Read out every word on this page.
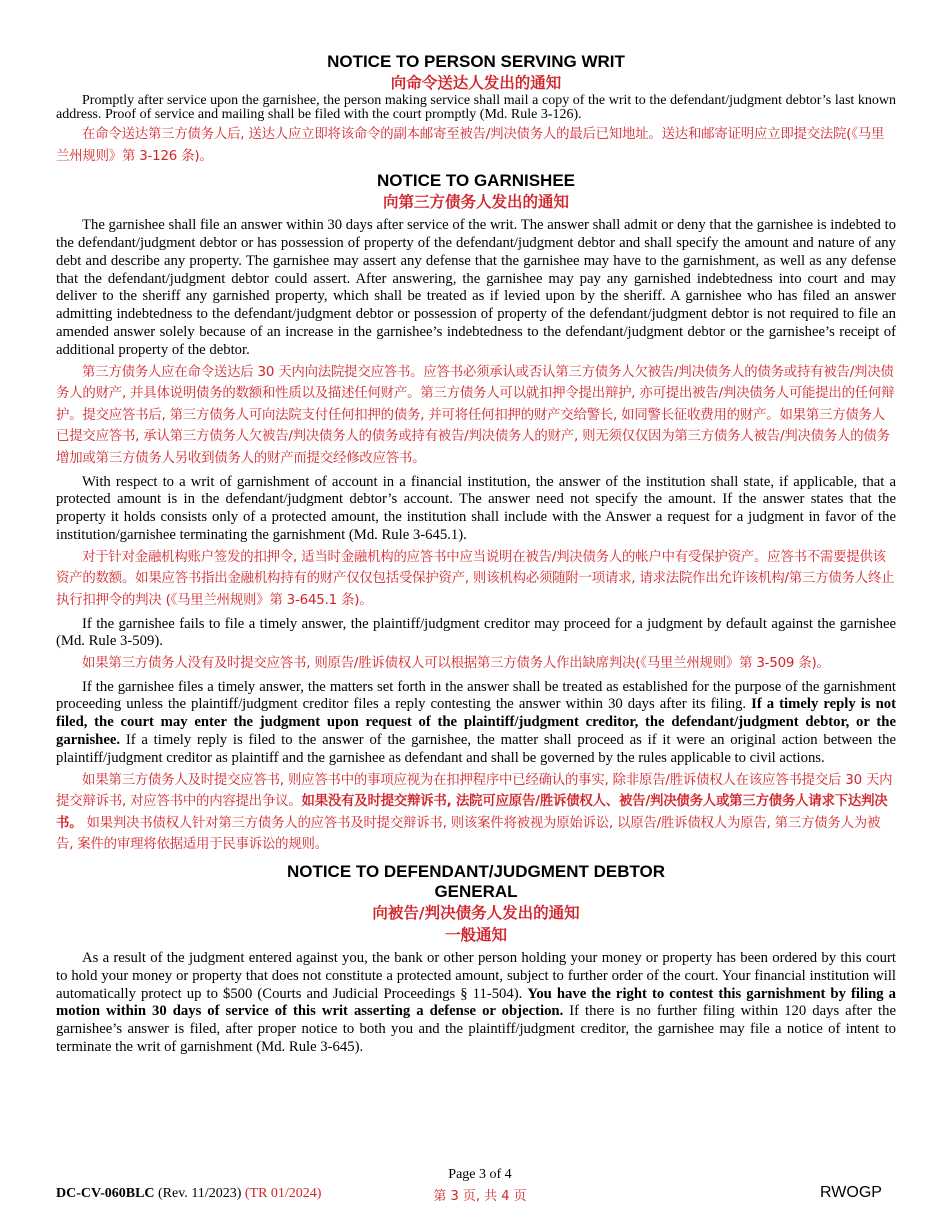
NOTICE TO PERSON SERVING WRIT
向命令送达人发出的通知

Promptly after service upon the garnishee, the person making service shall mail a copy of the writ to the defendant/judgment debtor’s last known address. Proof of service and mailing shall be filed with the court promptly (Md. Rule 3-126).

在命令送达第三方债务人后, 送达人应立即将该命令的副本邮寄至被告/判决债务人的最后已知地址。送达和邮寄证明应立即提交法院(《马里兰州规则》第 3-126 条)。

NOTICE TO GARNISHEE
向第三方债务人发出的通知

The garnishee shall file an answer within 30 days after service of the writ. The answer shall admit or deny that the garnishee is indebted to the defendant/judgment debtor or has possession of property of the defendant/judgment debtor and shall specify the amount and nature of any debt and describe any property. The garnishee may assert any defense that the garnishee may have to the garnishment, as well as any defense that the defendant/judgment debtor could assert. After answering, the garnishee may pay any garnished indebtedness into court and may deliver to the sheriff any garnished property, which shall be treated as if levied upon by the sheriff. A garnishee who has filed an answer admitting indebtedness to the defendant/judgment debtor or possession of property of the defendant/judgment debtor is not required to file an amended answer solely because of an increase in the garnishee’s indebtedness to the defendant/judgment debtor or the garnishee’s receipt of additional property of the debtor.

第三方债务人应在命令送达后 30 天内向法院提交应答书。应答书必须承认或否认第三方债务人欠被告/判决债务人的债务或持有被告/判决债务人的财产, 并具体说明债务的数额和性质以及描述任何财产。第三方债务人可以就扣押令提出辩护, 亦可提出被告/判决债务人可能提出的任何辩护。提交应答书后, 第三方债务人可向法院支付任何扣押的债务, 并可将任何扣押的财产交给警长, 如同警长征收费用的财产。如果第三方债务人已提交应答书, 承认第三方债务人欠被告/判决债务人的债务或持有被告/判决债务人的财产, 则无须仅仅因为第三方债务人被告/判决债务人的债务增加或第三方债务人另收到债务人的财产而提交经修改应答书。

With respect to a writ of garnishment of account in a financial institution, the answer of the institution shall state, if applicable, that a protected amount is in the defendant/judgment debtor’s account. The answer need not specify the amount. If the answer states that the property it holds consists only of a protected amount, the institution shall include with the Answer a request for a judgment in favor of the institution/garnishee terminating the garnishment (Md. Rule 3-645.1).

对于针对金融机构账户签发的扣押令, 适当时金融机构的应答书中应当说明在被告/判决债务人的帐户中有受保护资产。应答书不需要提供该资产的数额。如果应答书指出金融机构持有的财产仅仅包括受保护资产, 则该机构必须随附一项请求, 请求法院作出允许该机构/第三方债务人终止执行扣押令的判决 (《马里兰州规则》第 3-645.1 条)。

If the garnishee fails to file a timely answer, the plaintiff/judgment creditor may proceed for a judgment by default against the garnishee (Md. Rule 3-509).

如果第三方债务人没有及时提交应答书, 则原告/胜诉债权人可以根据第三方债务人作出缺席判决(《马里兰州规则》第 3-509 条)。

If the garnishee files a timely answer, the matters set forth in the answer shall be treated as established for the purpose of the garnishment proceeding unless the plaintiff/judgment creditor files a reply contesting the answer within 30 days after its filing. If a timely reply is not filed, the court may enter the judgment upon request of the plaintiff/judgment creditor, the defendant/judgment debtor, or the garnishee. If a timely reply is filed to the answer of the garnishee, the matter shall proceed as if it were an original action between the plaintiff/judgment creditor as plaintiff and the garnishee as defendant and shall be governed by the rules applicable to civil actions.

如果第三方债务人及时提交应答书, 则应答书中的事项应视为在扣押程序中已经确认的事实, 除非原告/胜诉债权人在该应答书提交后 30 天内提交辩诉书, 对应答书中的内容提出争议。如果没有及时提交辩诉书, 法院可应原告/胜诉债权人、被告/判决债务人或第三方债务人请求下达判决书。 如果判决书债权人针对第三方债务人的应答书及时提交辩诉书, 则该案件将被视为原始诉讼, 以原告/胜诉债权人为原告, 第三方债务人为被告, 案件的审理将依据适用于民事诉讼的规则。

NOTICE TO DEFENDANT/JUDGMENT DEBTOR
GENERAL
向被告/判决债务人发出的通知
一般通知

As a result of the judgment entered against you, the bank or other person holding your money or property has been ordered by this court to hold your money or property that does not constitute a protected amount, subject to further order of the court. Your financial institution will automatically protect up to $500 (Courts and Judicial Proceedings § 11-504). You have the right to contest this garnishment by filing a motion within 30 days of service of this writ asserting a defense or objection. If there is no further filing within 120 days after the garnishee’s answer is filed, after proper notice to both you and the plaintiff/judgment creditor, the garnishee may file a notice of intent to terminate the writ of garnishment (Md. Rule 3-645).

Page 3 of 4
第 3 页, 共 4 页
DC-CV-060BLC (Rev. 11/2023) (TR 01/2024)	RWOGP
